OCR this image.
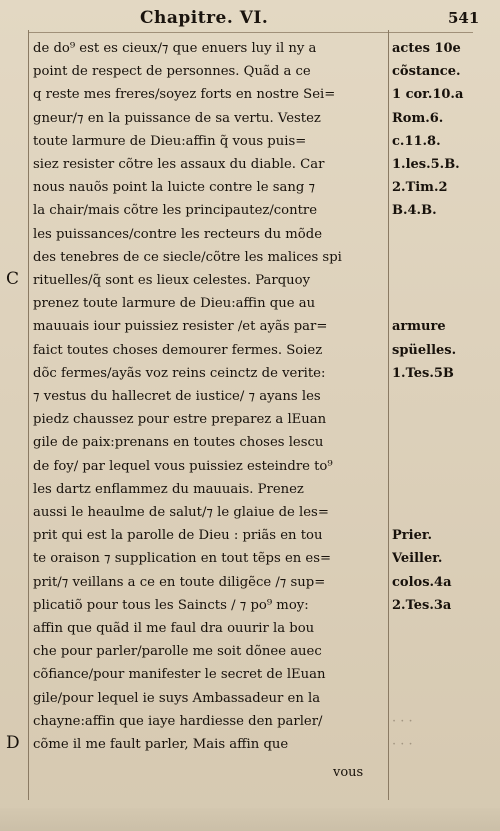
Chapitre. VI.	541
de do⁹ est es cieux/⁊ que enuers luy il ny a
point de respect de personnes. Quãd a ce
q reste mes freres/soyez forts en nostre Sei=
gneur/⁊ en la puissance de sa vertu. Vestez
toute larmure de Dieu:affin q̃ vous puis=
siez resister cõtre les assaux du diable. Car
nous nauõs point la luicte contre le sang ⁊
la chair/mais cõtre les principautez/contre
les puissances/contre les recteurs du mõde
des tenebres de ce siecle/cõtre les malices spi
rituelles/q̃ sont es lieux celestes. Parquoy
prenez toute larmure de Dieu:affin que au
mauuais iour puissiez resister /et ayãs par=
faict toutes choses demourer fermes. Soiez
dõc fermes/ayãs voz reins ceinctz de verite:
⁊ vestus du hallecret de iustice/ ⁊ ayans les
piedz chaussez pour estre preparez a lEuan
gile de paix:prenans en toutes choses lescu
de foy/ par lequel vous puissiez esteindre to⁹
les dartz enflammez du mauuais. Prenez
aussi le heaulme de salut/⁊ le glaiue de les=
prit qui est la parolle de Dieu : priãs en tou
te oraison ⁊ supplication en tout tẽps en es=
prit/⁊ veillans a ce en toute diligẽce /⁊ sup=
plicatiõ pour tous les Saincts / ⁊ po⁹ moy:
affin que quãd il me faul dra ouurir la bou
che pour parler/parolle me soit dõnee auec
cõfiance/pour manifester le secret de lEuan
gile/pour lequel ie suys Ambassadeur en la
chayne:affin que iaye hardiesse den parler/
cõme il me fault parler, Mais affin que
actes 10e
cõstance.
1 cor.10.a
Rom.6.
c.11.8.
1.les.5.B.
2.Tim.2
B.4.B.
armure
spüelles.
1.Tes.5B
Prier.
Veiller.
colos.4a
2.Tes.3a
· · ·
· · ·
C
D
vous
